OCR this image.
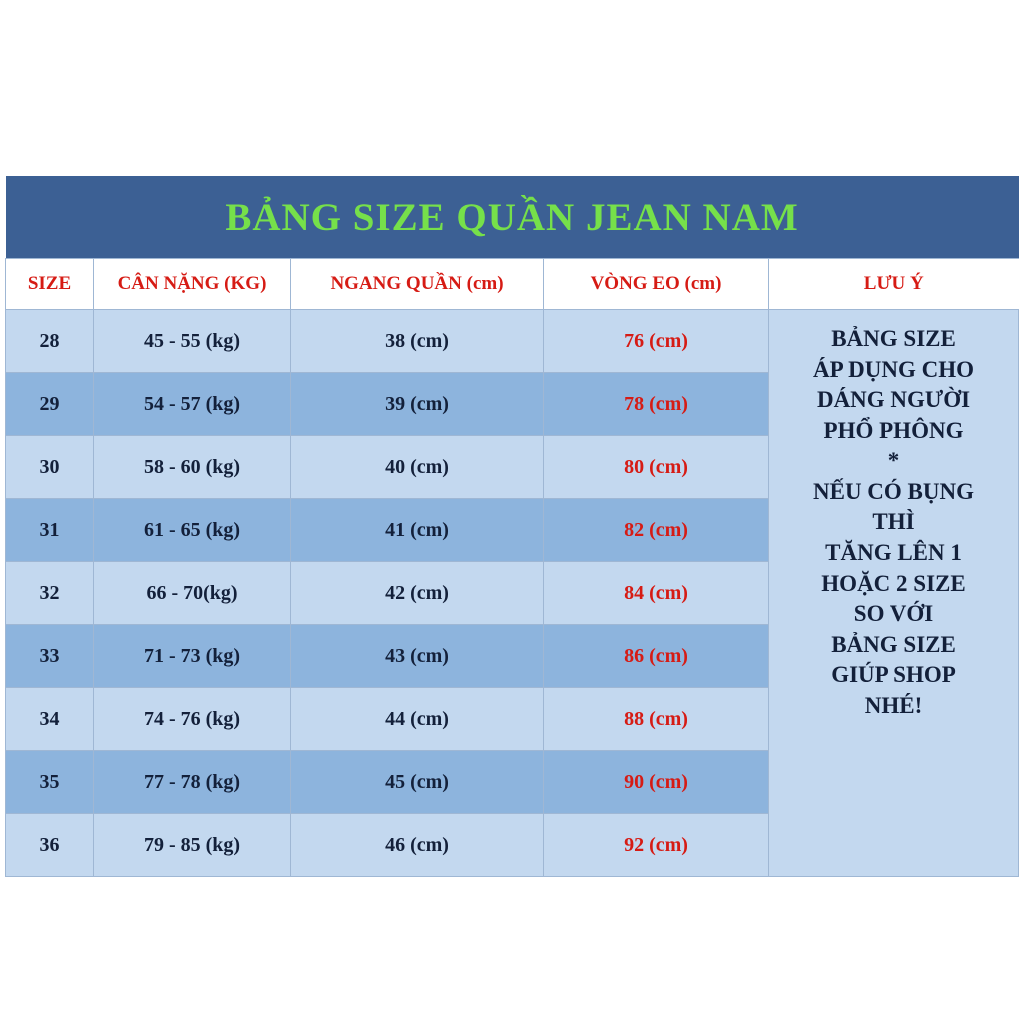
BẢNG SIZE QUẦN JEAN NAM				
SIZE	CÂN NẶNG (KG)	NGANG QUẦN (cm)	VÒNG EO (cm)	LƯU Ý
28	45 - 55 (kg)	38 (cm)	76 (cm)	BẢNG SIZE
ÁP DỤNG CHO
DÁNG NGƯỜI
PHỔ PHÔNG
*
NẾU CÓ BỤNG
THÌ
TĂNG LÊN 1
HOẶC 2 SIZE
SO VỚI
BẢNG SIZE
GIÚP SHOP
NHÉ!
29	54 - 57 (kg)	39 (cm)	78 (cm)	
30	58 - 60 (kg)	40 (cm)	80 (cm)	
31	61 - 65 (kg)	41 (cm)	82 (cm)	
32	66 - 70(kg)	42 (cm)	84 (cm)	
33	71 - 73 (kg)	43 (cm)	86 (cm)	
34	74 - 76 (kg)	44 (cm)	88 (cm)	
35	77 - 78 (kg)	45 (cm)	90 (cm)	
36	79 - 85 (kg)	46 (cm)	92 (cm)	
